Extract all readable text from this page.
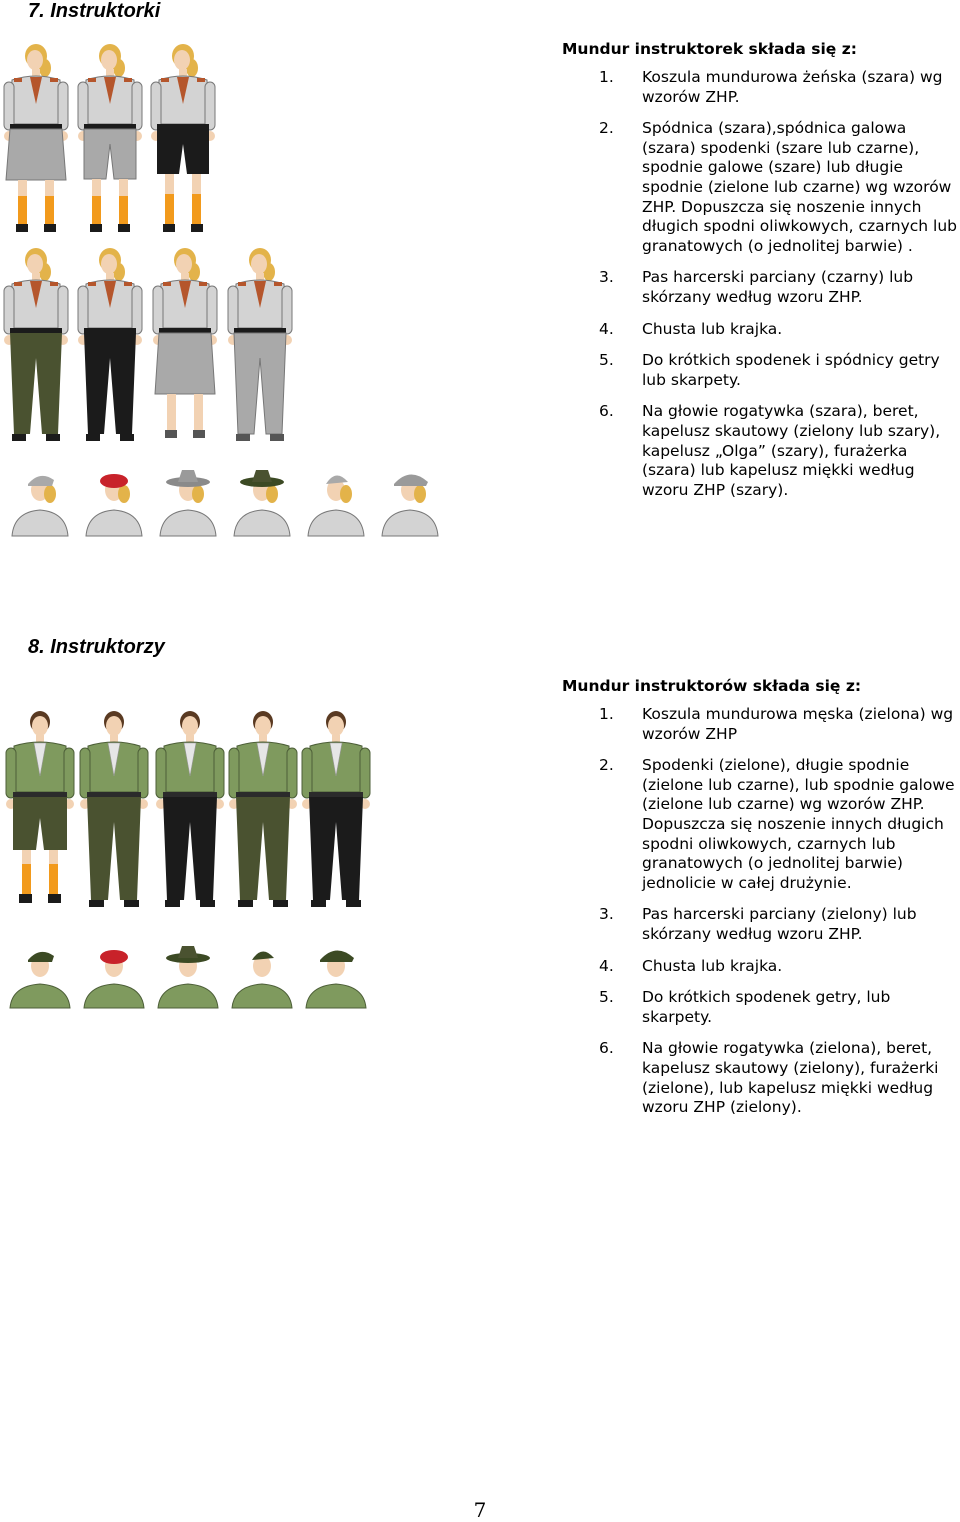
7. Instruktorki

Mundur instruktorek składa się z:

1. Koszula mundurowa żeńska (szara) wg wzorów ZHP.
2. Spódnica (szara),spódnica galowa (szara) spodenki (szare lub czarne), spodnie galowe (szare) lub długie spodnie (zielone lub czarne) wg wzorów ZHP. Dopuszcza się noszenie innych długich spodni oliwkowych, czarnych lub granatowych (o jednolitej barwie) .
3. Pas harcerski parciany (czarny) lub skórzany według wzoru ZHP.
4. Chusta lub krajka.
5. Do krótkich spodenek i spódnicy getry lub skarpety.
6. Na głowie rogatywka (szara), beret, kapelusz skautowy (zielony lub szary), kapelusz „Olga” (szary), furażerka (szara) lub kapelusz miękki według wzoru ZHP (szary).
8. Instruktorzy

Mundur instruktorów składa się z:

1. Koszula mundurowa męska (zielona) wg wzorów ZHP
2. Spodenki (zielone), długie spodnie (zielone lub czarne), lub spodnie galowe (zielone lub czarne) wg wzorów ZHP. Dopuszcza się noszenie innych długich spodni oliwkowych, czarnych lub granatowych (o jednolitej barwie) jednolicie w całej drużynie.
3. Pas harcerski parciany (zielony) lub skórzany według wzoru ZHP.
4. Chusta lub krajka.
5. Do krótkich spodenek getry, lub skarpety.
6. Na głowie rogatywka (zielona), beret, kapelusz skautowy (zielony), furażerki (zielone), lub kapelusz miękki według wzoru ZHP (zielony).
7
